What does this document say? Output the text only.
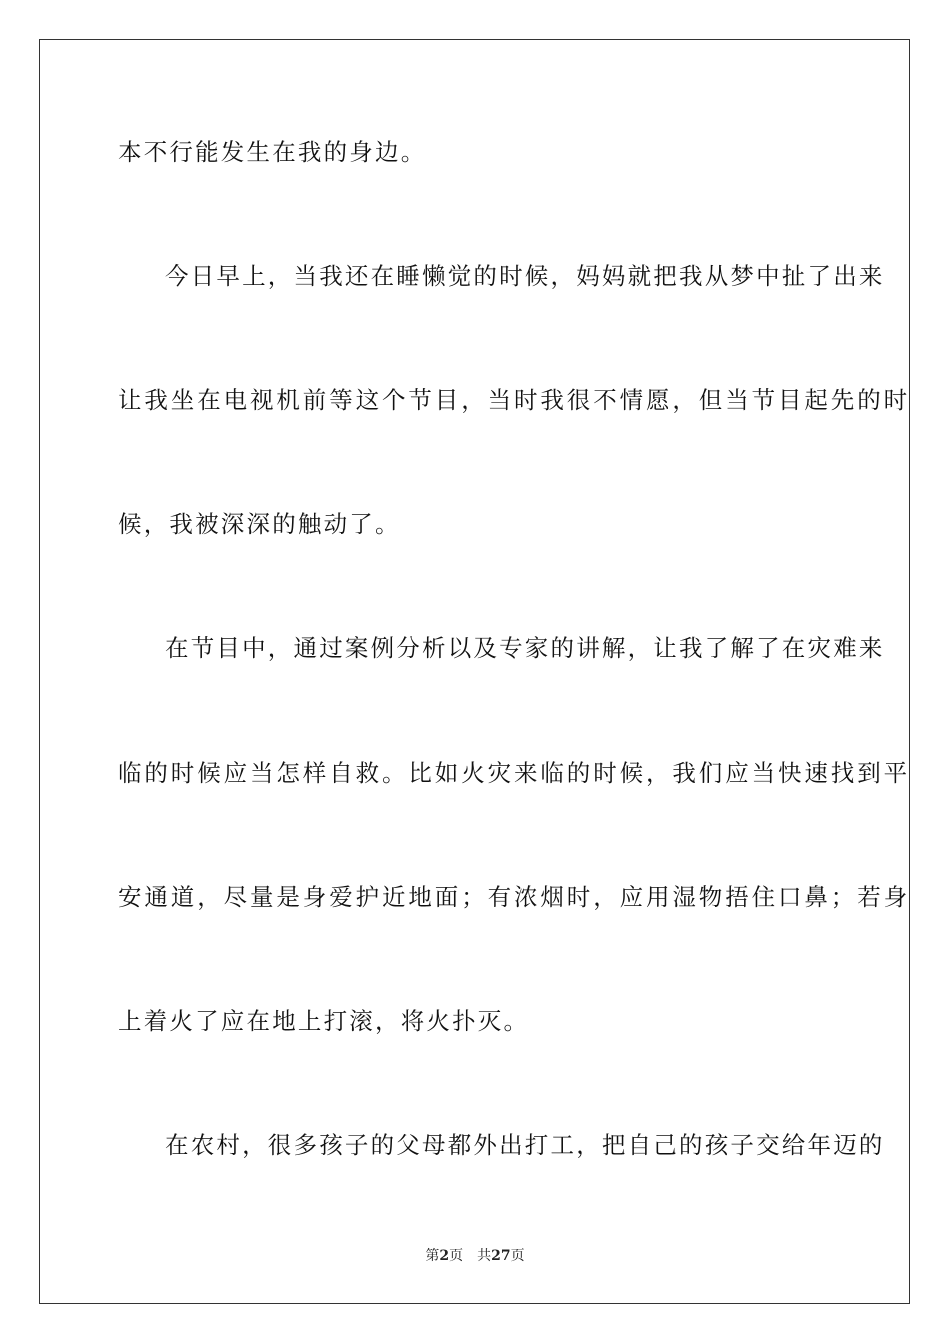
本不行能发生在我的身边。
今日早上，当我还在睡懒觉的时候，妈妈就把我从梦中扯了出来
让我坐在电视机前等这个节目，当时我很不情愿，但当节目起先的时
候，我被深深的触动了。
在节目中，通过案例分析以及专家的讲解，让我了解了在灾难来
临的时候应当怎样自救。比如火灾来临的时候，我们应当快速找到平
安通道，尽量是身爱护近地面；有浓烟时，应用湿物捂住口鼻；若身
上着火了应在地上打滚，将火扑灭。
在农村，很多孩子的父母都外出打工，把自己的孩子交给年迈的
第2页 共27页
